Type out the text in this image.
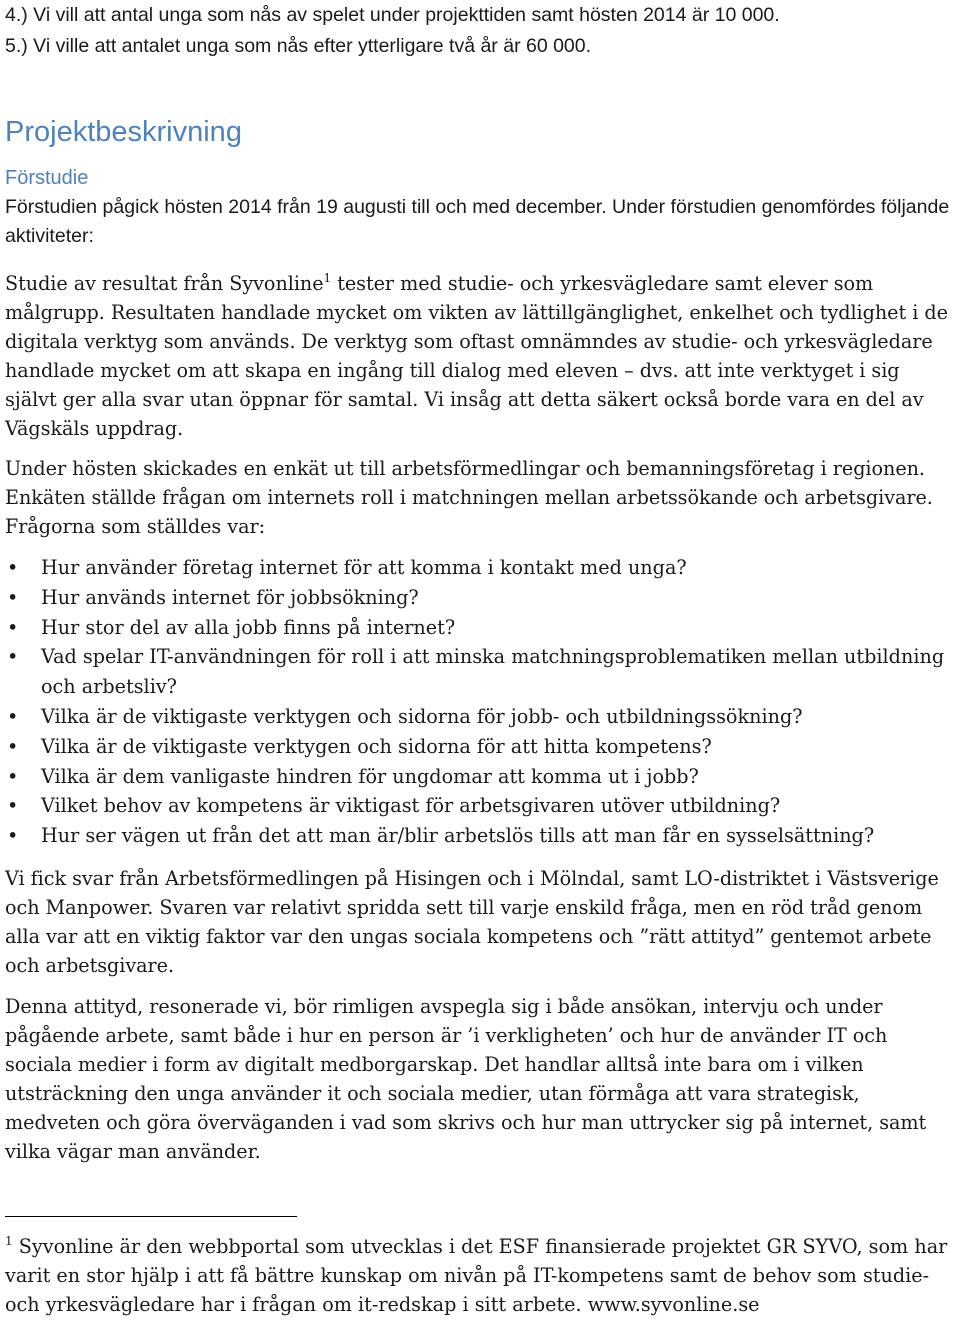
4.) Vi vill att antal unga som nås av spelet under projekttiden samt hösten 2014 är 10 000.

5.) Vi ville att antalet unga som nås efter ytterligare två år är 60 000.

Projektbeskrivning
Förstudie

Förstudien pågick hösten 2014 från 19 augusti till och med december. Under förstudien genomfördes följande aktiviteter:

Studie av resultat från Syvonline$^1$ tester med studie- och yrkesvägledare samt elever som målgrupp. Resultaten handlade mycket om vikten av lättillgänglighet, enkelhet och tydlighet i de digitala verktyg som används. De verktyg som oftast omnämndes av studie- och yrkesvägledare handlade mycket om att skapa en ingång till dialog med eleven – dvs. att inte verktyget i sig självt ger alla svar utan öppnar för samtal. Vi insåg att detta säkert också borde vara en del av Vägskäls uppdrag.

Under hösten skickades en enkät ut till arbetsförmedlingar och bemanningsföretag i regionen. Enkäten ställde frågan om internets roll i matchningen mellan arbetssökande och arbetsgivare. Frågorna som ställdes var:

•	Hur använder företag internet för att komma i kontakt med unga?
•	Hur används internet för jobbsökning?
•	Hur stor del av alla jobb finns på internet?
•	Vad spelar IT-användningen för roll i att minska matchningsproblematiken mellan utbildning och arbetsliv?
•	Vilka är de viktigaste verktygen och sidorna för jobb- och utbildningssökning?
•	Vilka är de viktigaste verktygen och sidorna för att hitta kompetens?
•	Vilka är dem vanligaste hindren för ungdomar att komma ut i jobb?
•	Vilket behov av kompetens är viktigast för arbetsgivaren utöver utbildning?
•	Hur ser vägen ut från det att man är/blir arbetslös tills att man får en sysselsättning?

Vi fick svar från Arbetsförmedlingen på Hisingen och i Mölndal, samt LO-distriktet i Västsverige och Manpower. Svaren var relativt spridda sett till varje enskild fråga, men en röd tråd genom alla var att en viktig faktor var den ungas sociala kompetens och ”rätt attityd” gentemot arbete och arbetsgivare.

Denna attityd, resonerade vi, bör rimligen avspegla sig i både ansökan, intervju och under pågående arbete, samt både i hur en person är ’i verkligheten’ och hur de använder IT och sociala medier i form av digitalt medborgarskap. Det handlar alltså inte bara om i vilken utsträckning den unga använder it och sociala medier, utan förmåga att vara strategisk, medveten och göra överväganden i vad som skrivs och hur man uttrycker sig på internet, samt vilka vägar man använder.

$^1$ Syvonline är den webbportal som utvecklas i det ESF finansierade projektet GR SYVO, som har varit en stor hjälp i att få bättre kunskap om nivån på IT-kompetens samt de behov som studie- och yrkesvägledare har i frågan om it-redskap i sitt arbete. www.syvonline.se
